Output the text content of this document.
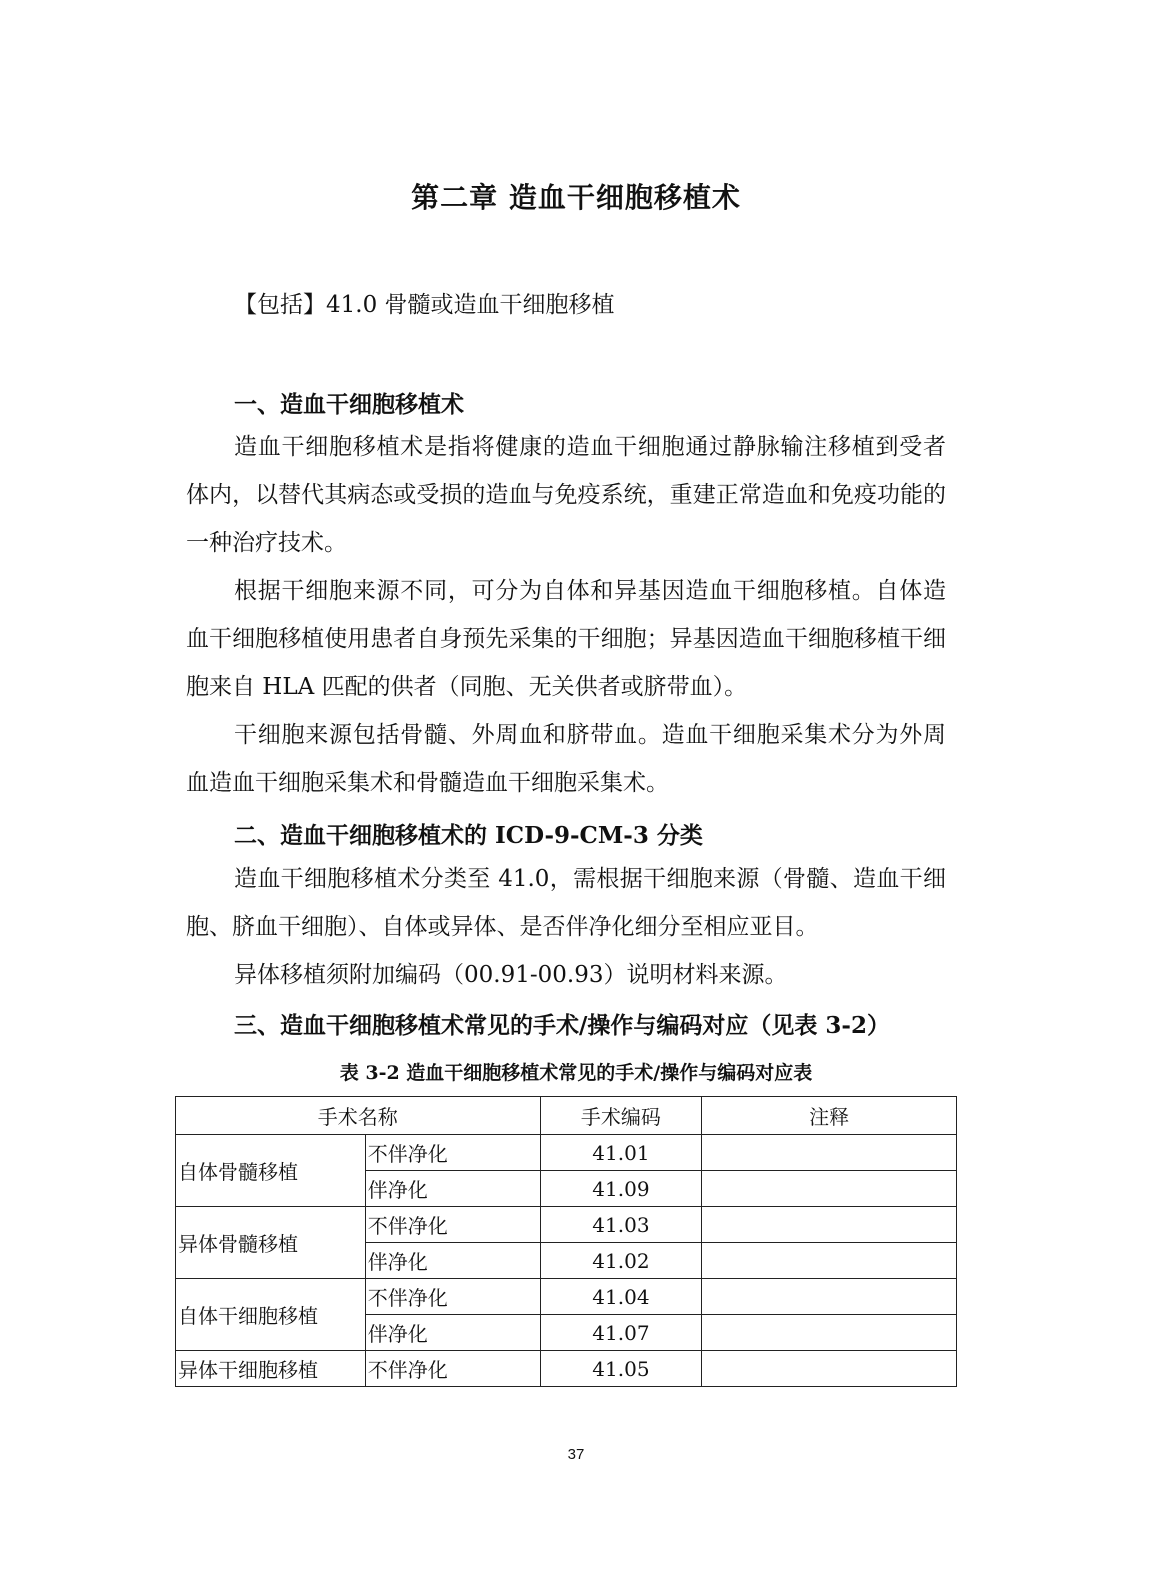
第二章 造血干细胞移植术
【包括】41.0 骨髓或造血干细胞移植
一、造血干细胞移植术

造血干细胞移植术是指将健康的造血干细胞通过静脉输注移植到受者体内，以替代其病态或受损的造血与免疫系统，重建正常造血和免疫功能的一种治疗技术。

根据干细胞来源不同，可分为自体和异基因造血干细胞移植。自体造血干细胞移植使用患者自身预先采集的干细胞；异基因造血干细胞移植干细胞来自 HLA 匹配的供者（同胞、无关供者或脐带血）。

干细胞来源包括骨髓、外周血和脐带血。造血干细胞采集术分为外周血造血干细胞采集术和骨髓造血干细胞采集术。

二、造血干细胞移植术的 ICD-9-CM-3 分类

造血干细胞移植术分类至 41.0，需根据干细胞来源（骨髓、造血干细胞、脐血干细胞）、自体或异体、是否伴净化细分至相应亚目。

异体移植须附加编码（00.91-00.93）说明材料来源。

三、造血干细胞移植术常见的手术/操作与编码对应（见表 3-2）
表 3-2 造血干细胞移植术常见的手术/操作与编码对应表
手术名称		手术编码	注释
自体骨髓移植	不伴净化	41.01	
	伴净化	41.09	
异体骨髓移植	不伴净化	41.03	
	伴净化	41.02	
自体干细胞移植	不伴净化	41.04	
	伴净化	41.07	
异体干细胞移植	不伴净化	41.05	
37
